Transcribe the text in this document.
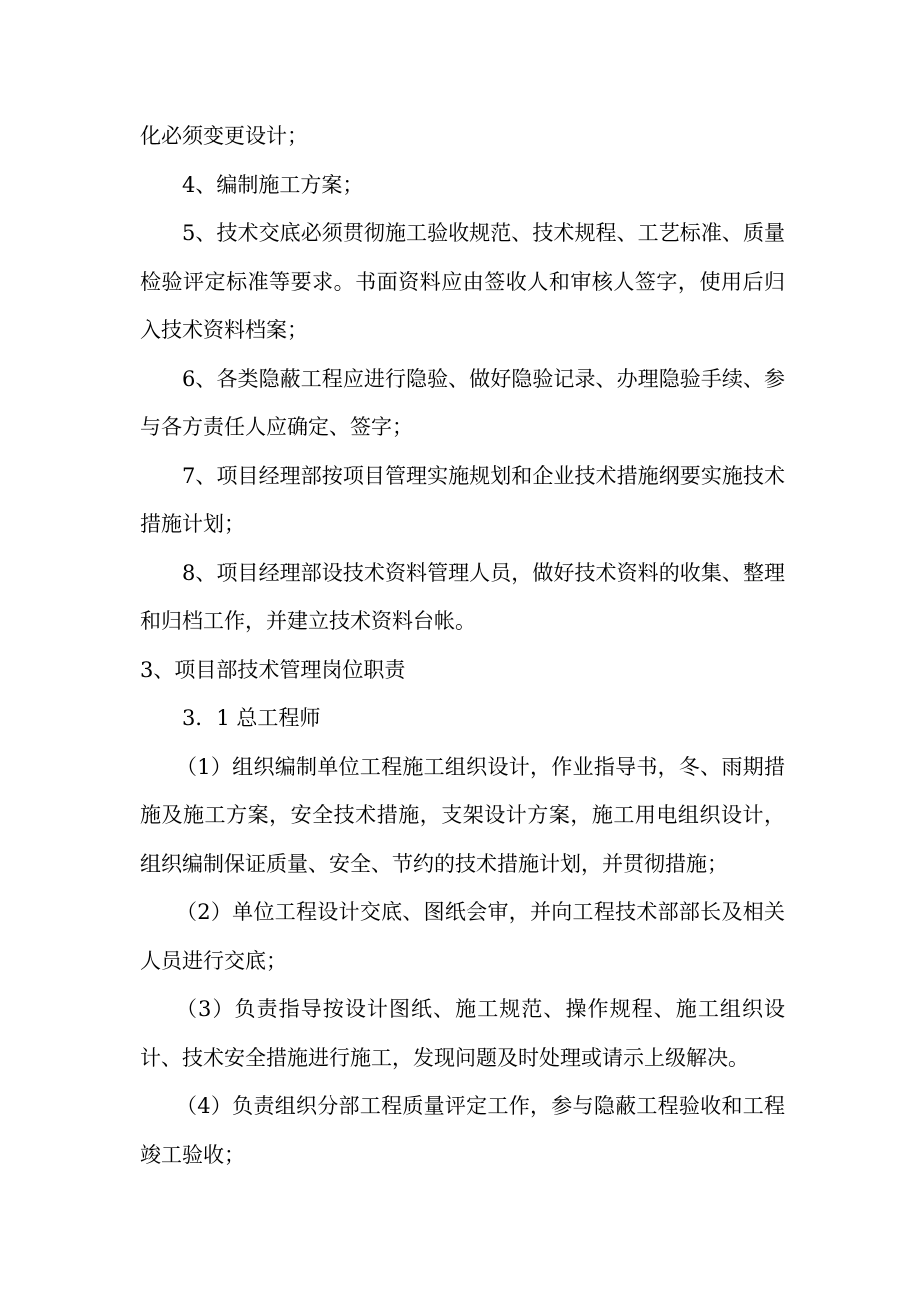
化必须变更设计；

4、编制施工方案；

5、技术交底必须贯彻施工验收规范、技术规程、工艺标准、质量检验评定标准等要求。书面资料应由签收人和审核人签字，使用后归入技术资料档案；

6、各类隐蔽工程应进行隐验、做好隐验记录、办理隐验手续、参与各方责任人应确定、签字；

7、项目经理部按项目管理实施规划和企业技术措施纲要实施技术措施计划；

8、项目经理部设技术资料管理人员，做好技术资料的收集、整理和归档工作，并建立技术资料台帐。

3、项目部技术管理岗位职责

3．1 总工程师

（1）组织编制单位工程施工组织设计，作业指导书，冬、雨期措施及施工方案，安全技术措施，支架设计方案，施工用电组织设计，组织编制保证质量、安全、节约的技术措施计划，并贯彻措施；

（2）单位工程设计交底、图纸会审，并向工程技术部部长及相关人员进行交底；

（3）负责指导按设计图纸、施工规范、操作规程、施工组织设计、技术安全措施进行施工，发现问题及时处理或请示上级解决。

（4）负责组织分部工程质量评定工作，参与隐蔽工程验收和工程竣工验收；
